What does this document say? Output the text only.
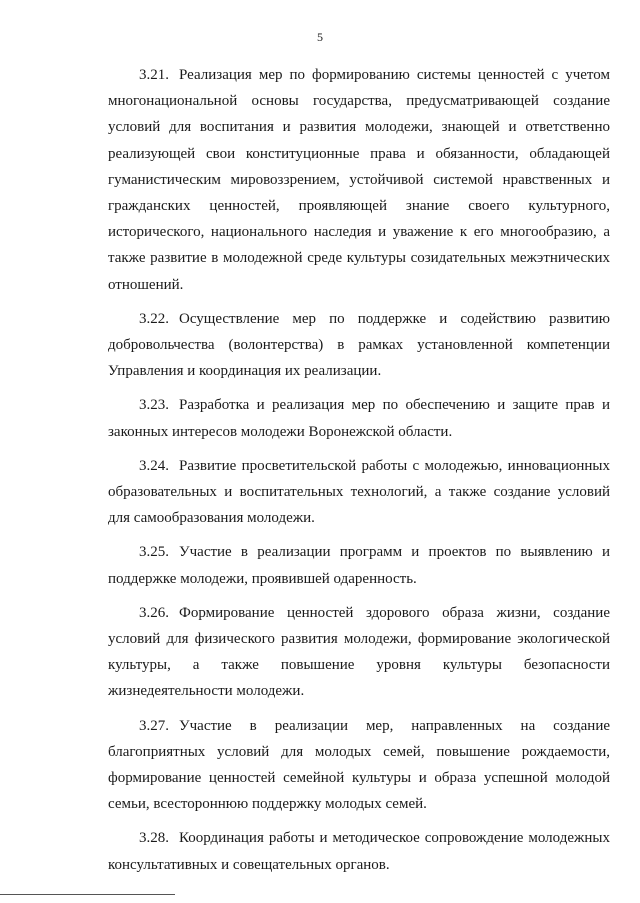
5

3.21. Реализация мер по формированию системы ценностей с учетом многонациональной основы государства, предусматривающей создание условий для воспитания и развития молодежи, знающей и ответственно реализующей свои конституционные права и обязанности, обладающей гуманистическим мировоззрением, устойчивой системой нравственных и гражданских ценностей, проявляющей знание своего культурного, исторического, национального наследия и уважение к его многообразию, а также развитие в молодежной среде культуры созидательных межэтнических отношений.

3.22. Осуществление мер по поддержке и содействию развитию добровольчества (волонтерства) в рамках установленной компетенции Управления и координация их реализации.

3.23. Разработка и реализация мер по обеспечению и защите прав и законных интересов молодежи Воронежской области.

3.24. Развитие просветительской работы с молодежью, инновационных образовательных и воспитательных технологий, а также создание условий для самообразования молодежи.

3.25. Участие в реализации программ и проектов по выявлению и поддержке молодежи, проявившей одаренность.

3.26. Формирование ценностей здорового образа жизни, создание условий для физического развития молодежи, формирование экологической культуры, а также повышение уровня культуры безопасности жизнедеятельности молодежи.

3.27. Участие в реализации мер, направленных на создание благоприятных условий для молодых семей, повышение рождаемости, формирование ценностей семейной культуры и образа успешной молодой семьи, всестороннюю поддержку молодых семей.

3.28. Координация работы и методическое сопровождение молодежных консультативных и совещательных органов.
